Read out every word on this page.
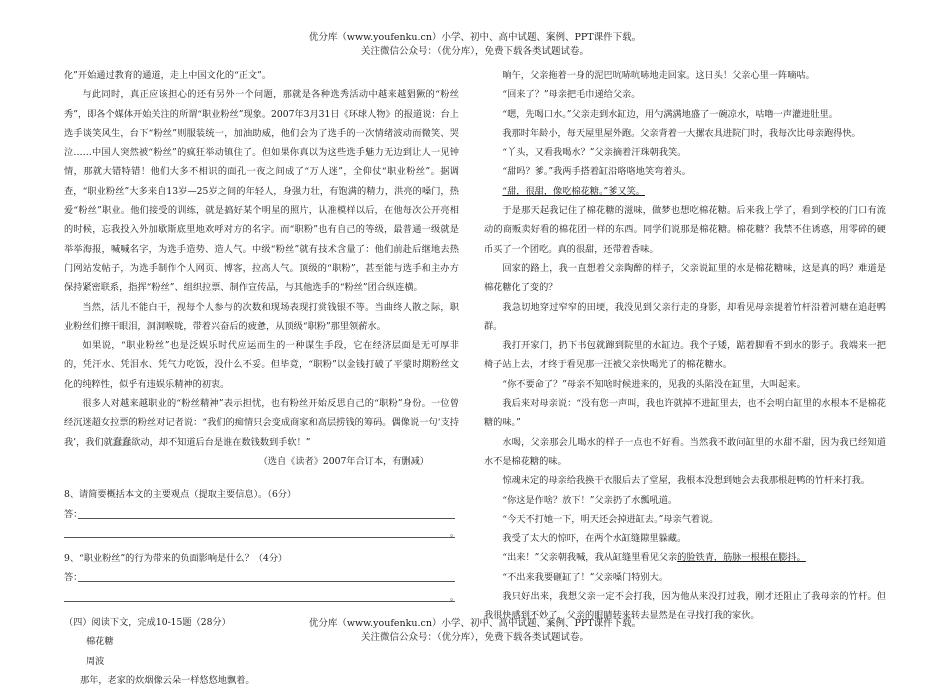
优分库（www.youfenku.cn）小学、初中、高中试题、案例、PPT课件下载。
关注微信公众号：（优分库），免费下载各类试题试卷。

化”开始通过教育的通道，走上中国文化的“正文”。

与此同时，真正应该担心的还有另外一个问题，那就是各种选秀活动中越来越猖獗的“粉丝秀”，即各个媒体开始关注的所谓“职业粉丝”现象。2007年3月31日《环球人物》的报道说：台上选手谈笑风生，台下“粉丝”则服装统一，加油助威，他们会为了选手的一次情绪波动而微笑、哭泣……中国人突然被“粉丝”的疯狂举动镇住了。但如果你真以为这些选手魅力无边到让人一见钟情，那就大错特错！他们大多不相识的面孔一夜之间成了“万人迷”，全仰仗“职业粉丝”。据调查，“职业粉丝”大多来自13岁—25岁之间的年轻人，身强力壮，有饱满的精力，洪亮的嗓门，热爱“粉丝”职业。他们接受的训练，就是搞好某个明星的照片，认准模样以后，在他每次公开亮相的时候，忘我投入外加歇斯底里地欢呼对方的名字。而“职粉”也有自己的等级，最普通一级就是举举海报，喊喊名字，为选手造势、造人气。中级“粉丝”就有技术含量了：他们前赴后继地去热门网站发帖子，为选手制作个人网页、博客，拉高人气。顶级的“职粉”，甚至能与选手和主办方保持紧密联系，指挥“粉丝”、组织拉票、制作宣传品，与其他选手的“粉丝”团合纵连横。

当然，活儿不能白干，视每个人参与的次数和现场表现打赏钱银不等。当曲终人散之际，职业粉丝们擦干眼泪，洞洞喉咙，带着兴奋后的疲惫，从顶级“职粉”那里领薪水。

如果说，“职业粉丝”也是泛娱乐时代应运而生的一种谋生手段，它在经济层面是无可厚非的，凭汗水、凭泪水、凭气力吃饭，没什么不妥。但毕竟，“职粉”以金钱打破了平蒙时期粉丝文化的纯粹性，似乎有违娱乐精神的初衷。

很多人对越来越职业的“粉丝精神”表示担忧，也有粉丝开始反思自己的“职粉”身份。一位曾经沉迷超女拉票的粉丝对记者说：“我们的痴情只会变成商家和高层捞钱的筹码。偶像说一句‘支持我’，我们就蠢蠢欲动，却不知道后台是谁在数钱数到手软！”

（选自《读者》2007年合订本，有删减）

8、请简要概括本文的主要观点（提取主要信息）。（6分）

答：
。

9、“职业粉丝”的行为带来的负面影响是什么？（4分）

答：
。

（四）阅读下文，完成10-15题（28分）

棉花糖

周波

那年，老家的炊烟像云朵一样悠悠地飘着。

晌午，父亲拖着一身的泥巴吭哧吭哧地走回家。这日头！父亲心里一阵嘀咕。

“回来了？”母亲把毛巾递给父亲。

“嗯，先喝口水。”父亲走到水缸边，用勺满满地盛了一碗凉水，咕噜一声灌进肚里。

我那时年龄小，每天屋里屋外跑。父亲背着一大摞农具进院门时，我每次比母亲跑得快。

“丫头，又看我喝水？”父亲摘着汗珠朝我笑。

“甜吗？爹。”我两手搭着缸沿咯咯地笑弯着头。

“甜，很甜，像吃棉花糖。”爹又笑。

于是那天起我记住了棉花糖的滋味，做梦也想吃棉花糖。后来我上学了，看到学校的门口有流动的商贩卖好看的棉花团一样的东西。同学们说那是棉花糖。棉花糖？我禁不住诱惑，用零碎的硬币买了一个团吃。真的很甜，还带着香味。

回家的路上，我一直想着父亲陶醉的样子，父亲说缸里的水是棉花糖味，这是真的吗？难道是棉花糖化了变的？

我急切地穿过窄窄的田埂，我没见到父亲行走的身影，却看见母亲提着竹杆沿着河塘在追赶鸭群。

我打开家门，扔下书包就蹿到院里的水缸边。我个子矮，踮着脚看不到水的影子。我端来一把椅子站上去，才终于看见那一汪被父亲快喝光了的棉花糖水。

“你不要命了？”母亲不知啥时候进来的，见我的头陷没在缸里，大叫起来。

我后来对母亲说：“没有您一声叫，我也许就掉不进缸里去，也不会明白缸里的水根本不是棉花糖的味。”

水喝，父亲那会儿喝水的样子一点也不好看。当然我不敢问缸里的水甜不甜，因为我已经知道水不是棉花糖的味。

惊魂未定的母亲给我换干衣服后去了堂屋，我根本没想到她会去我那根赶鸭的竹杆来打我。

“你这是作啥？放下！”父亲扔了水瓢吼道。

“今天不打她一下，明天还会掉进缸去。”母亲气着说。

我受了太大的惊吓，在两个水缸缝隙里躲藏。

“出来！”父亲朝我喊，我从缸缝里看见父亲的脸铁青，筋脉一根根在膨抖。

“不出来我要砸缸了！”父亲嗓门特别大。

我只好出来，我想父亲一定不会打我，因为他从来没打过我，刚才还阻止了我母亲的竹杆。但我很快感到不妙了，父亲的眼睛转来转去显然是在寻找打我的家伙。

优分库（www.youfenku.cn）小学、初中、高中试题、案例、PPT课件下载。
关注微信公众号：（优分库），免费下载各类试题试卷。
